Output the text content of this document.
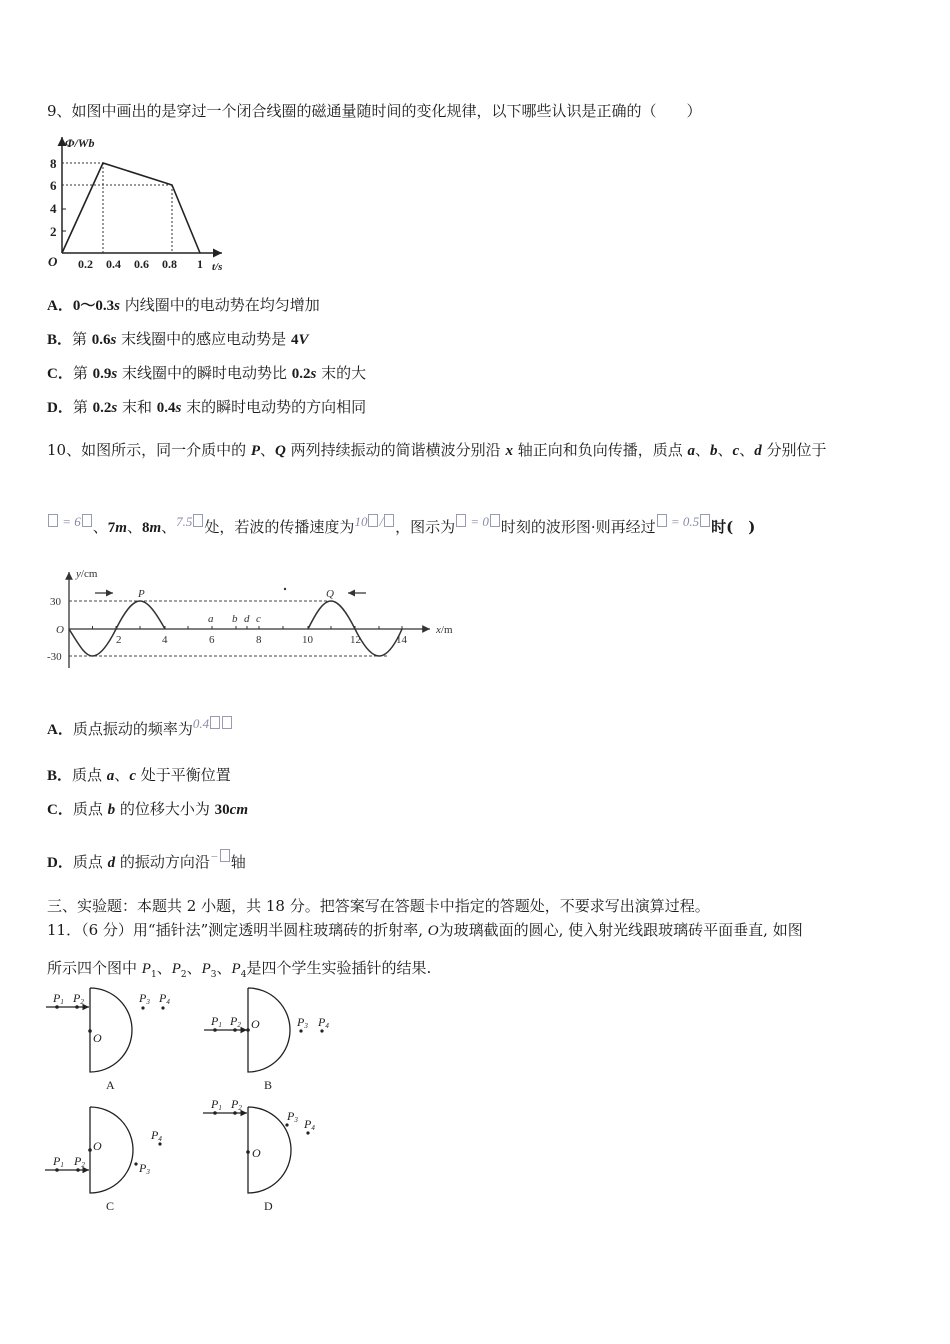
9、如图中画出的是穿过一个闭合线圈的磁通量随时间的变化规律，以下哪些认识是正确的（　　）
Φ/Wb
8
6
4
2
O 0.2 0.4 0.6 0.8 1 t/s
A．0～0.3s 内线圈中的电动势在均匀增加
B．第 0.6s 末线圈中的感应电动势是 4V
C．第 0.9s 末线圈中的瞬时电动势比 0.2s 末的大
D．第 0.2s 末和 0.4s 末的瞬时电动势的方向相同
10、如图所示，同一介质中的 P、Q 两列持续振动的简谐横波分别沿 x 轴正向和负向传播，质点 a、b、c、d 分别位于
= 6 、7m、8m、7.5 处，若波的传播速度为10 / ，图示为 = 0 时刻的波形图·则再经过 = 0.5 时(　)
y/cm
30
O
-30
P	Q
2	4	6	8	10	12	14
a b d c
x/m
A．质点振动的频率为0.4
B．质点 a、c 处于平衡位置
C．质点 b 的位移大小为 30cm
D．质点 d 的振动方向沿− 轴
三、实验题：本题共 2 小题，共 18 分。把答案写在答题卡中指定的答题处，不要求写出演算过程。
11．（6 分）用“插针法”测定透明半圆柱玻璃砖的折射率, O为玻璃截面的圆心, 使入射光线跟玻璃砖平面垂直, 如图
所示四个图中 $P_1$、$P_2$、$P_3$、$P_4$是四个学生实验插针的结果.
P1 P2
O
P3 P4
P1 P2 O	P3 P4
P1 P2
O
P3
P4
P1 P2
O
P3 P4
A	B
C	D
